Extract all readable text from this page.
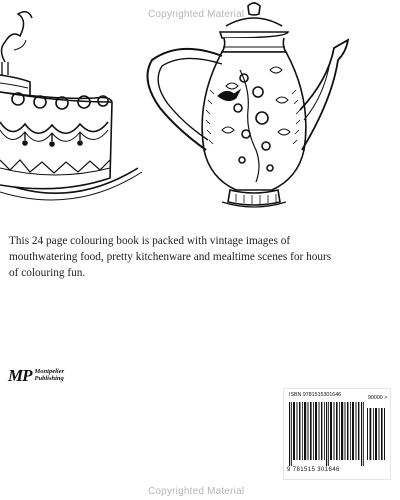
Copyrighted Material

This 24 page colouring book is packed with vintage images of mouthwatering food, pretty kitchenware and mealtime scenes for hours of colouring fun.

MP Montpelier
Publishing
ISBN 9781515301646	90000 >
9 781515 301646
Copyrighted Material
